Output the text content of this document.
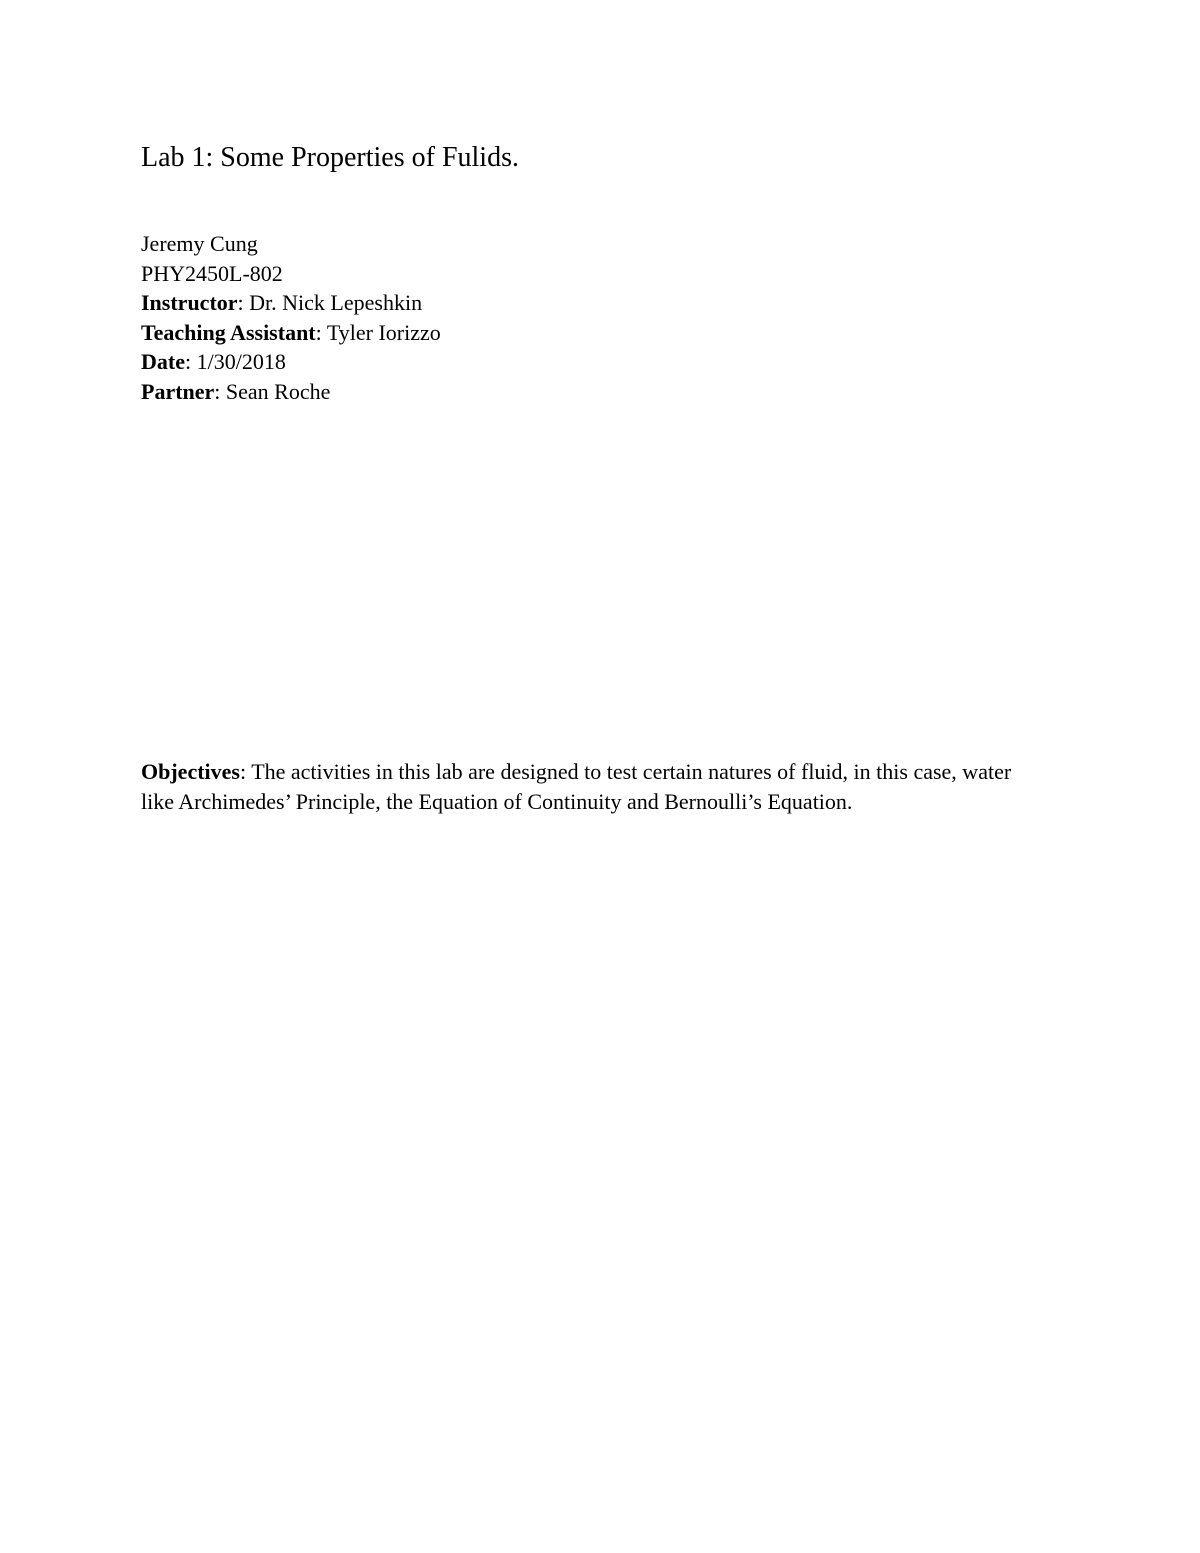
Lab 1: Some Properties of Fulids.
Jeremy Cung
PHY2450L-802
Instructor: Dr. Nick Lepeshkin
Teaching Assistant: Tyler Iorizzo
Date: 1/30/2018
Partner: Sean Roche
Objectives: The activities in this lab are designed to test certain natures of fluid, in this case, water like Archimedes’ Principle, the Equation of Continuity and Bernoulli’s Equation.
